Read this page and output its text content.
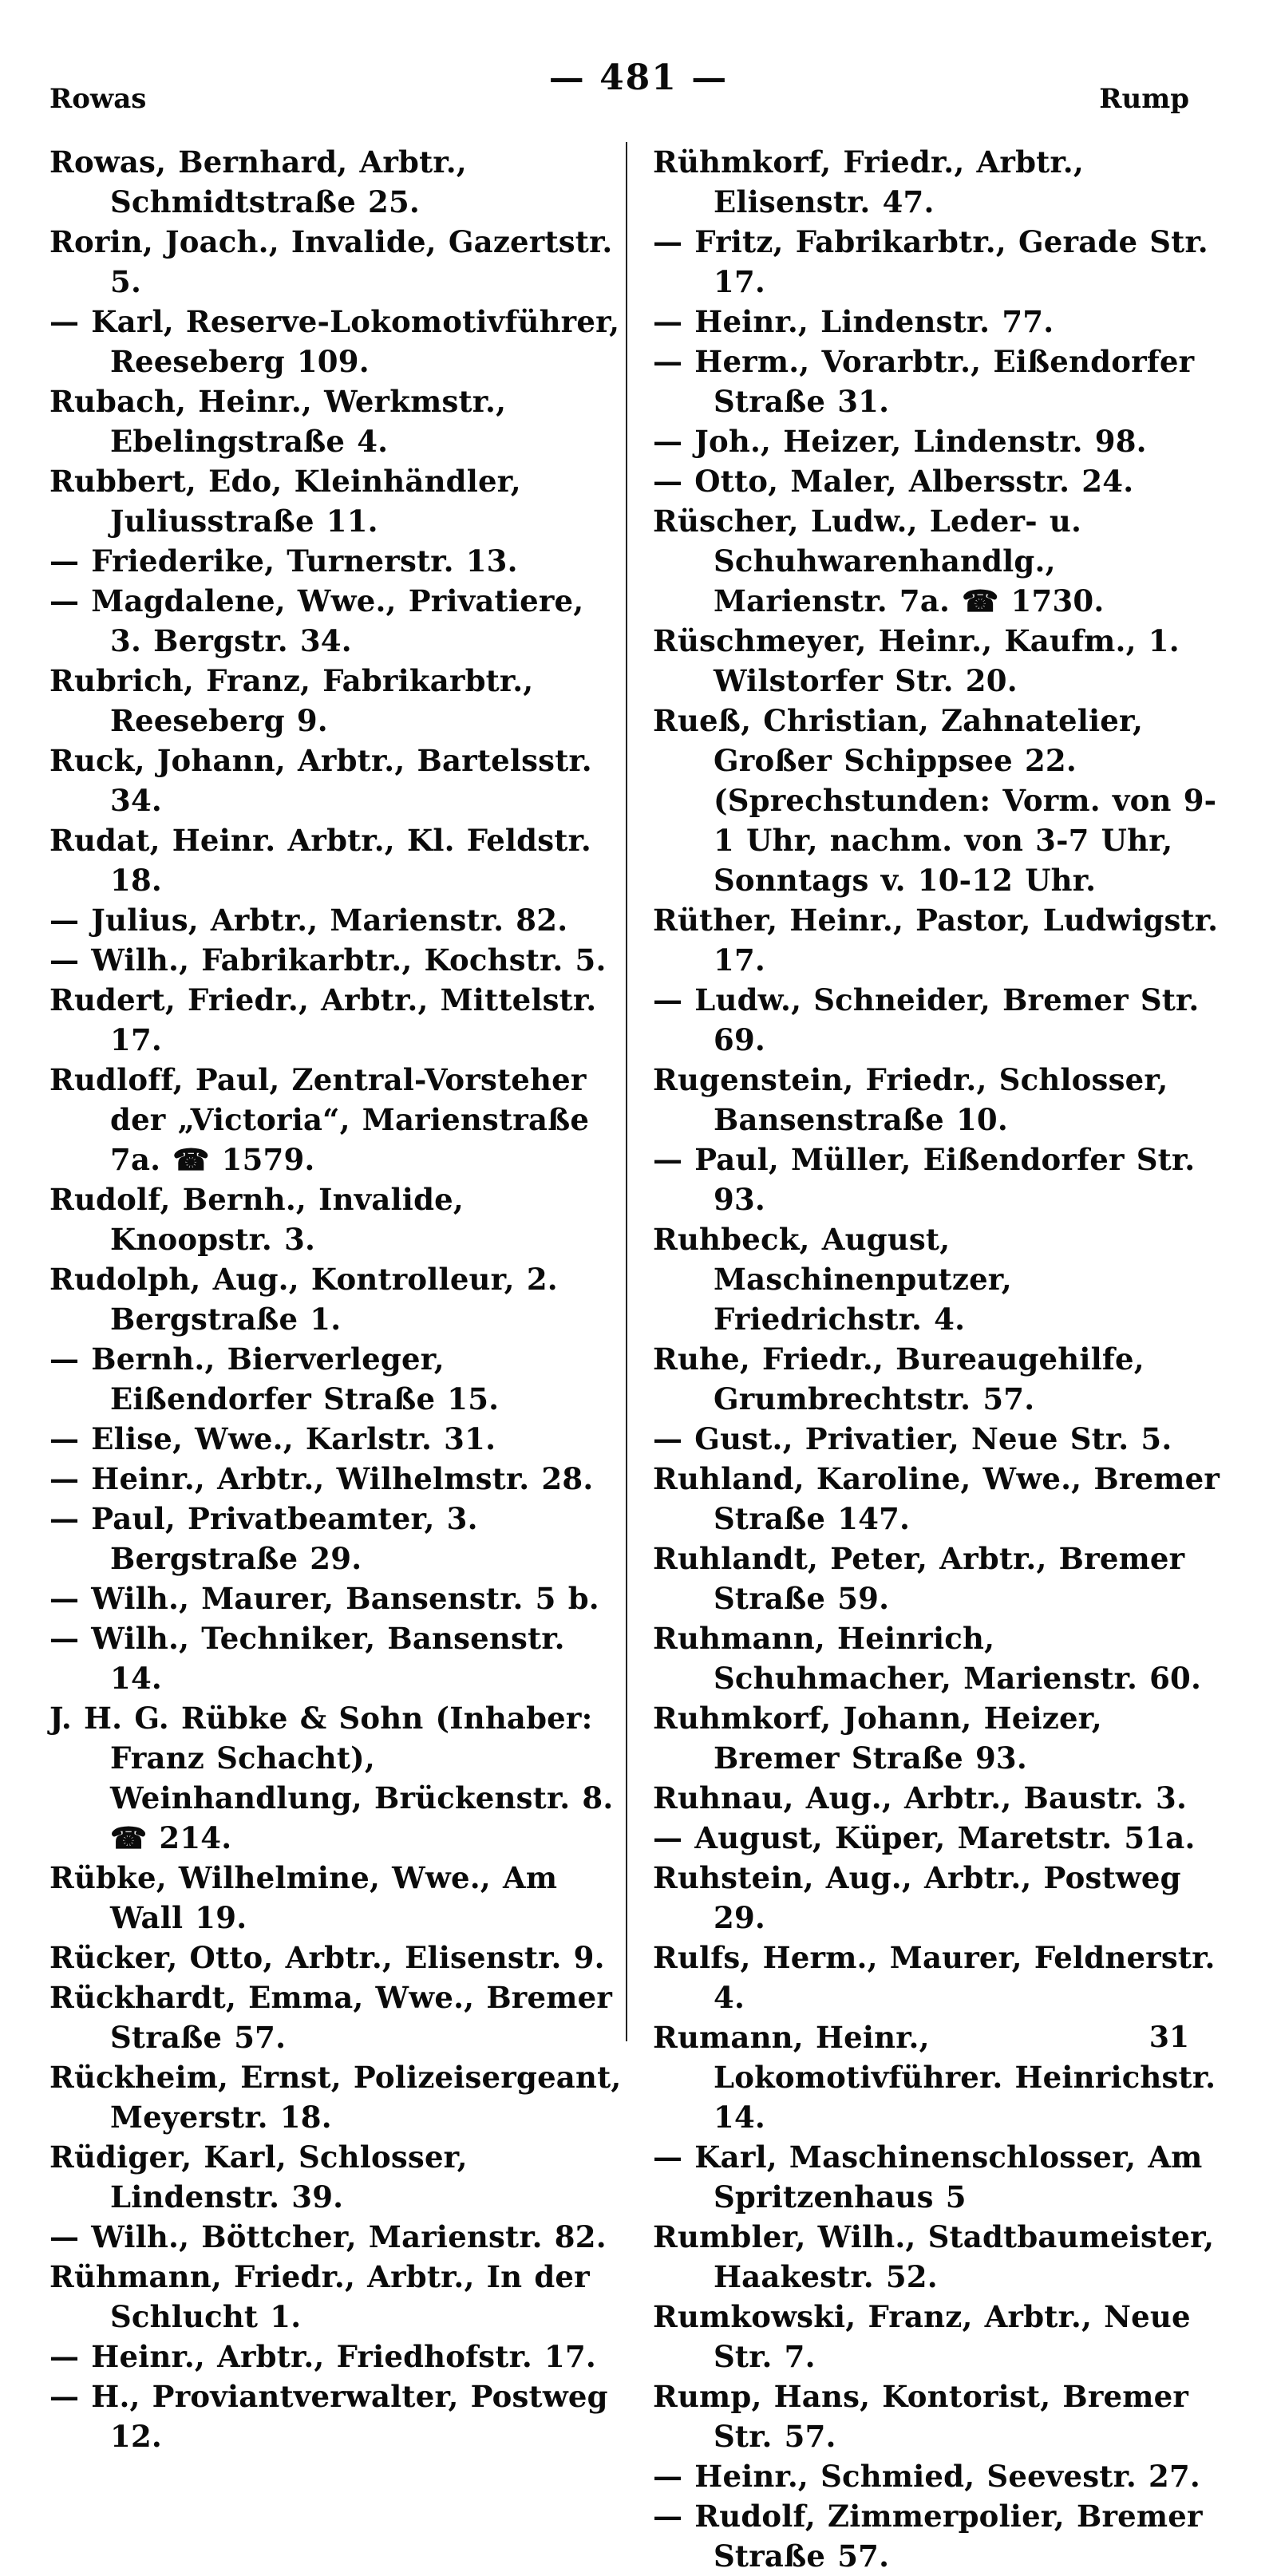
Rowas
— 481 —
Rump
Rowas, Bernhard, Arbtr., Schmidtstraße 25.
Rorin, Joach., Invalide, Gazertstr. 5.
— Karl, Reserve-Lokomotivführer, Reeseberg 109.
Rubach, Heinr., Werkmstr., Ebelingstraße 4.
Rubbert, Edo, Kleinhändler, Juliusstraße 11.
— Friederike, Turnerstr. 13.
— Magdalene, Wwe., Privatiere, 3. Bergstr. 34.
Rubrich, Franz, Fabrikarbtr., Reeseberg 9.
Ruck, Johann, Arbtr., Bartelsstr. 34.
Rudat, Heinr. Arbtr., Kl. Feldstr. 18.
— Julius, Arbtr., Marienstr. 82.
— Wilh., Fabrikarbtr., Kochstr. 5.
Rudert, Friedr., Arbtr., Mittelstr. 17.
Rudloff, Paul, Zentral-Vorsteher der „Victoria“, Marienstraße 7a. ☎ 1579.
Rudolf, Bernh., Invalide, Knoopstr. 3.
Rudolph, Aug., Kontrolleur, 2. Bergstraße 1.
— Bernh., Bierverleger, Eißendorfer Straße 15.
— Elise, Wwe., Karlstr. 31.
— Heinr., Arbtr., Wilhelmstr. 28.
— Paul, Privatbeamter, 3. Bergstraße 29.
— Wilh., Maurer, Bansenstr. 5 b.
— Wilh., Techniker, Bansenstr. 14.
J. H. G. Rübke & Sohn (Inhaber: Franz Schacht), Weinhandlung, Brückenstr. 8. ☎ 214.
Rübke, Wilhelmine, Wwe., Am Wall 19.
Rücker, Otto, Arbtr., Elisenstr. 9.
Rückhardt, Emma, Wwe., Bremer Straße 57.
Rückheim, Ernst, Polizeisergeant, Meyerstr. 18.
Rüdiger, Karl, Schlosser, Lindenstr. 39.
— Wilh., Böttcher, Marienstr. 82.
Rühmann, Friedr., Arbtr., In der Schlucht 1.
— Heinr., Arbtr., Friedhofstr. 17.
— H., Proviantverwalter, Postweg 12.
Rühmkorf, Friedr., Arbtr., Elisenstr. 47.
— Fritz, Fabrikarbtr., Gerade Str. 17.
— Heinr., Lindenstr. 77.
— Herm., Vorarbtr., Eißendorfer Straße 31.
— Joh., Heizer, Lindenstr. 98.
— Otto, Maler, Albersstr. 24.
Rüscher, Ludw., Leder- u. Schuhwarenhandlg., Marienstr. 7a. ☎ 1730.
Rüschmeyer, Heinr., Kaufm., 1. Wilstorfer Str. 20.
Rueß, Christian, Zahnatelier, Großer Schippsee 22. (Sprechstunden: Vorm. von 9-1 Uhr, nachm. von 3-7 Uhr, Sonntags v. 10-12 Uhr.
Rüther, Heinr., Pastor, Ludwigstr. 17.
— Ludw., Schneider, Bremer Str. 69.
Rugenstein, Friedr., Schlosser, Bansenstraße 10.
— Paul, Müller, Eißendorfer Str. 93.
Ruhbeck, August, Maschinenputzer, Friedrichstr. 4.
Ruhe, Friedr., Bureaugehilfe, Grumbrechtstr. 57.
— Gust., Privatier, Neue Str. 5.
Ruhland, Karoline, Wwe., Bremer Straße 147.
Ruhlandt, Peter, Arbtr., Bremer Straße 59.
Ruhmann, Heinrich, Schuhmacher, Marienstr. 60.
Ruhmkorf, Johann, Heizer, Bremer Straße 93.
Ruhnau, Aug., Arbtr., Baustr. 3.
— August, Küper, Maretstr. 51a.
Ruhstein, Aug., Arbtr., Postweg 29.
Rulfs, Herm., Maurer, Feldnerstr. 4.
Rumann, Heinr., Lokomotivführer. Heinrichstr. 14.
— Karl, Maschinenschlosser, Am Spritzenhaus 5
Rumbler, Wilh., Stadtbaumeister, Haakestr. 52.
Rumkowski, Franz, Arbtr., Neue Str. 7.
Rump, Hans, Kontorist, Bremer Str. 57.
— Heinr., Schmied, Seevestr. 27.
— Rudolf, Zimmerpolier, Bremer Straße 57.
31
